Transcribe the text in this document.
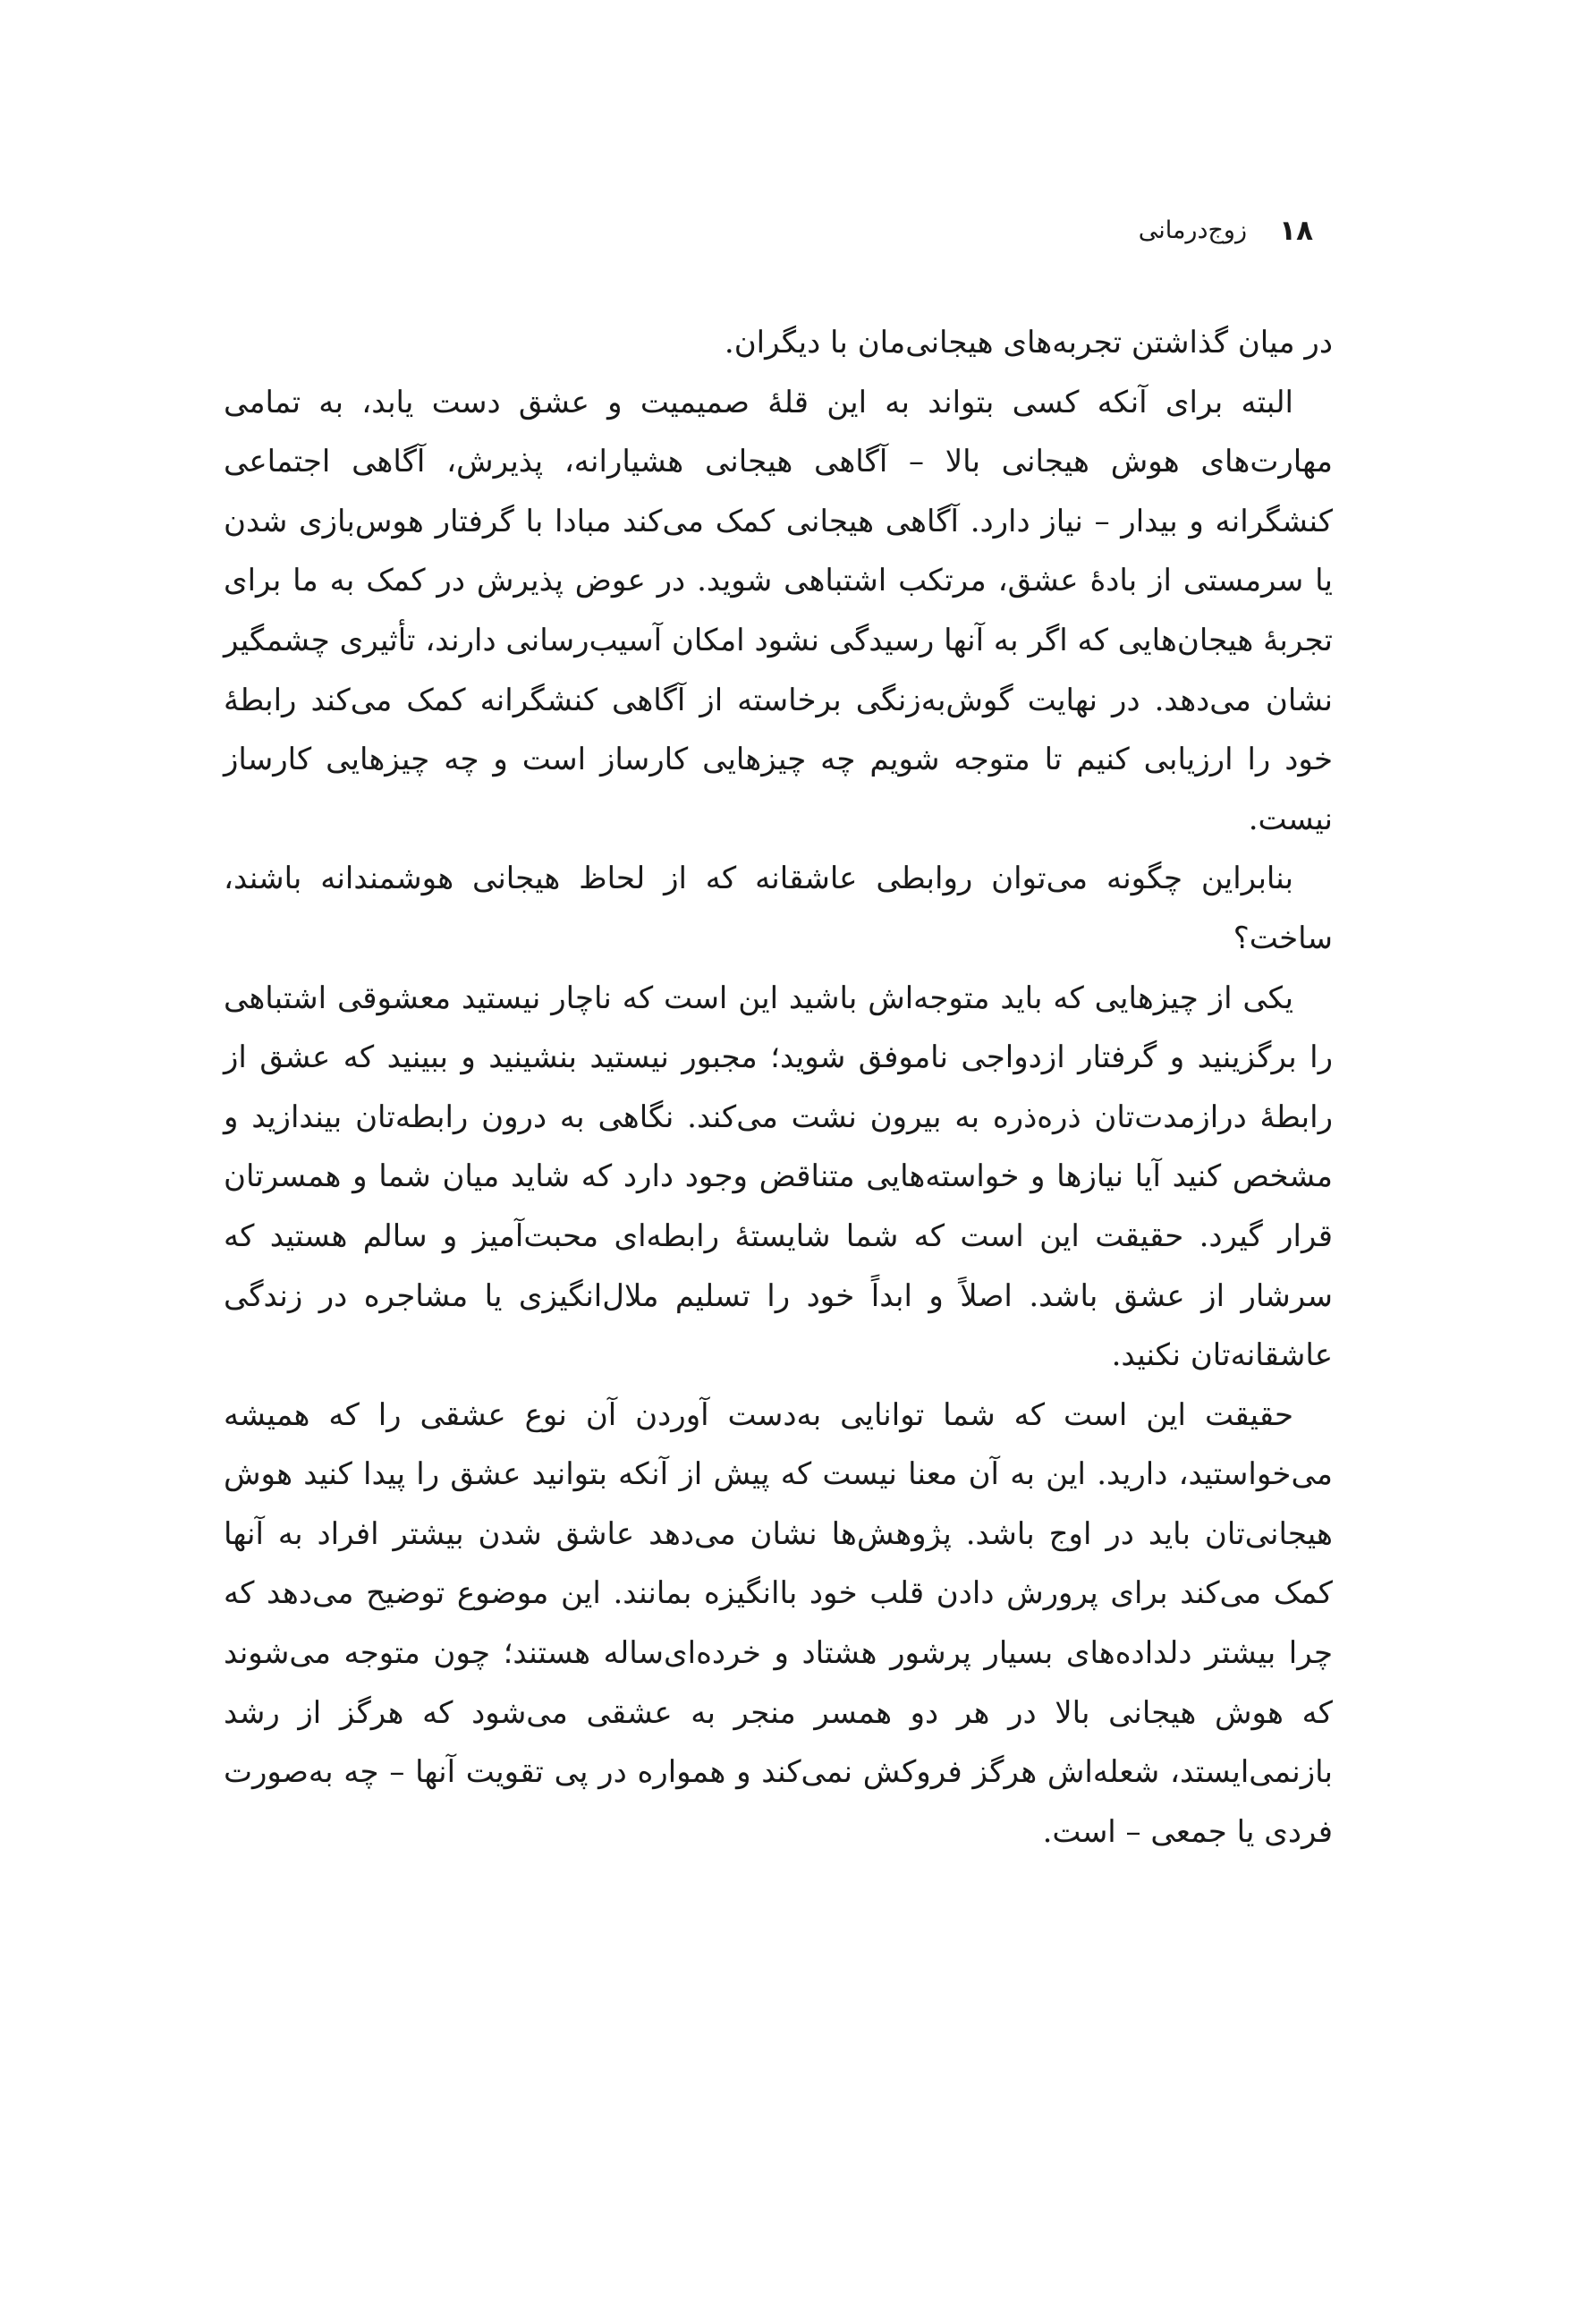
۱۸
زوج‌درمانی

در میان گذاشتن تجربه‌های هیجانی‌مان با دیگران.

البته برای آنکه کسی بتواند به این قلهٔ صمیمیت و عشق دست یابد، به تمامی مهارت‌های هوش هیجانی بالا – آگاهی هیجانی هشیارانه، پذیرش، آگاهی اجتماعی کنشگرانه و بیدار – نیاز دارد. آگاهی هیجانی کمک می‌کند مبادا با گرفتار هوس‌بازی شدن یا سرمستی از بادهٔ عشق، مرتکب اشتباهی شوید. در عوض پذیرش در کمک به ما برای تجربهٔ هیجان‌هایی که اگر به آنها رسیدگی نشود امکان آسیب‌رسانی دارند، تأثیری چشمگیر نشان می‌دهد. در نهایت گوش‌به‌زنگی برخاسته از آگاهی کنشگرانه کمک می‌کند رابطهٔ خود را ارزیابی کنیم تا متوجه شویم چه چیزهایی کارساز است و چه چیزهایی کارساز نیست.

بنابراین چگونه می‌توان روابطی عاشقانه که از لحاظ هیجانی هوشمندانه باشند، ساخت؟

یکی از چیزهایی که باید متوجه‌اش باشید این است که ناچار نیستید معشوقی اشتباهی را برگزینید و گرفتار ازدواجی ناموفق شوید؛ مجبور نیستید بنشینید و ببینید که عشق از رابطهٔ درازمدت‌تان ذره‌ذره به بیرون نشت می‌کند. نگاهی به درون رابطه‌تان بیندازید و مشخص کنید آیا نیازها و خواسته‌هایی متناقض وجود دارد که شاید میان شما و همسرتان قرار گیرد. حقیقت این است که شما شایستهٔ رابطه‌ای محبت‌آمیز و سالم هستید که سرشار از عشق باشد. اصلاً و ابداً خود را تسلیم ملال‌انگیزی یا مشاجره در زندگی عاشقانه‌تان نکنید.

حقیقت این است که شما توانایی به‌دست آوردن آن نوع عشقی را که همیشه می‌خواستید، دارید. این به آن معنا نیست که پیش از آنکه بتوانید عشق را پیدا کنید هوش هیجانی‌تان باید در اوج باشد. پژوهش‌ها نشان می‌دهد عاشق شدن بیشتر افراد به آنها کمک می‌کند برای پرورش دادن قلب خود باانگیزه بمانند. این موضوع توضیح می‌دهد که چرا بیشتر دلداده‌های بسیار پرشور هشتاد و خرده‌ای‌ساله هستند؛ چون متوجه می‌شوند که هوش هیجانی بالا در هر دو همسر منجر به عشقی می‌شود که هرگز از رشد بازنمی‌ایستد، شعله‌اش هرگز فروکش نمی‌کند و همواره در پی تقویت آنها – چه به‌صورت فردی یا جمعی – است.
